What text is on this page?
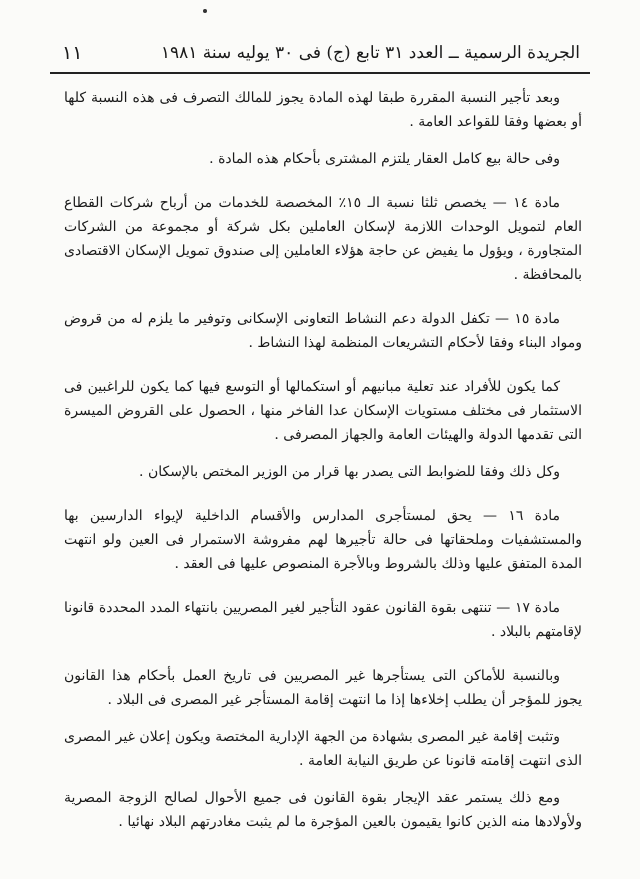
الجريدة الرسمية ــ العدد ٣١ تابع (ج) فى ٣٠ يوليه سنة ١٩٨١
١١

وبعد تأجير النسبة المقررة طبقا لهذه المادة يجوز للمالك التصرف فى هذه النسبة كلها أو بعضها وفقا للقواعد العامة .

وفى حالة بيع كامل العقار يلتزم المشترى بأحكام هذه المادة .

مادة ١٤ — يخصص ثلثا نسبة الـ ١٥٪ المخصصة للخدمات من أرباح شركات القطاع العام لتمويل الوحدات اللازمة لإسكان العاملين بكل شركة أو مجموعة من الشركات المتجاورة ، ويؤول ما يفيض عن حاجة هؤلاء العاملين إلى صندوق تمويل الإسكان الاقتصادى بالمحافظة .

مادة ١٥ — تكفل الدولة دعم النشاط التعاونى الإسكانى وتوفير ما يلزم له من قروض ومواد البناء وفقا لأحكام التشريعات المنظمة لهذا النشاط .

كما يكون للأفراد عند تعلية مبانيهم أو استكمالها أو التوسع فيها كما يكون للراغبين فى الاستثمار فى مختلف مستويات الإسكان عدا الفاخر منها ، الحصول على القروض الميسرة التى تقدمها الدولة والهيئات العامة والجهاز المصرفى .

وكل ذلك وفقا للضوابط التى يصدر بها قرار من الوزير المختص بالإسكان .

مادة ١٦ — يحق لمستأجرى المدارس والأقسام الداخلية لإيواء الدارسين بها والمستشفيات وملحقاتها فى حالة تأجيرها لهم مفروشة الاستمرار فى العين ولو انتهت المدة المتفق عليها وذلك بالشروط وبالأجرة المنصوص عليها فى العقد .

مادة ١٧ — تنتهى بقوة القانون عقود التأجير لغير المصريين بانتهاء المدد المحددة قانونا لإقامتهم بالبلاد .

وبالنسبة للأماكن التى يستأجرها غير المصريين فى تاريخ العمل بأحكام هذا القانون يجوز للمؤجر أن يطلب إخلاءها إذا ما انتهت إقامة المستأجر غير المصرى فى البلاد .

وتثبت إقامة غير المصرى بشهادة من الجهة الإدارية المختصة ويكون إعلان غير المصرى الذى انتهت إقامته قانونا عن طريق النيابة العامة .

ومع ذلك يستمر عقد الإيجار بقوة القانون فى جميع الأحوال لصالح الزوجة المصرية ولأولادها منه الذين كانوا يقيمون بالعين المؤجرة ما لم يثبت مغادرتهم البلاد نهائيا .
